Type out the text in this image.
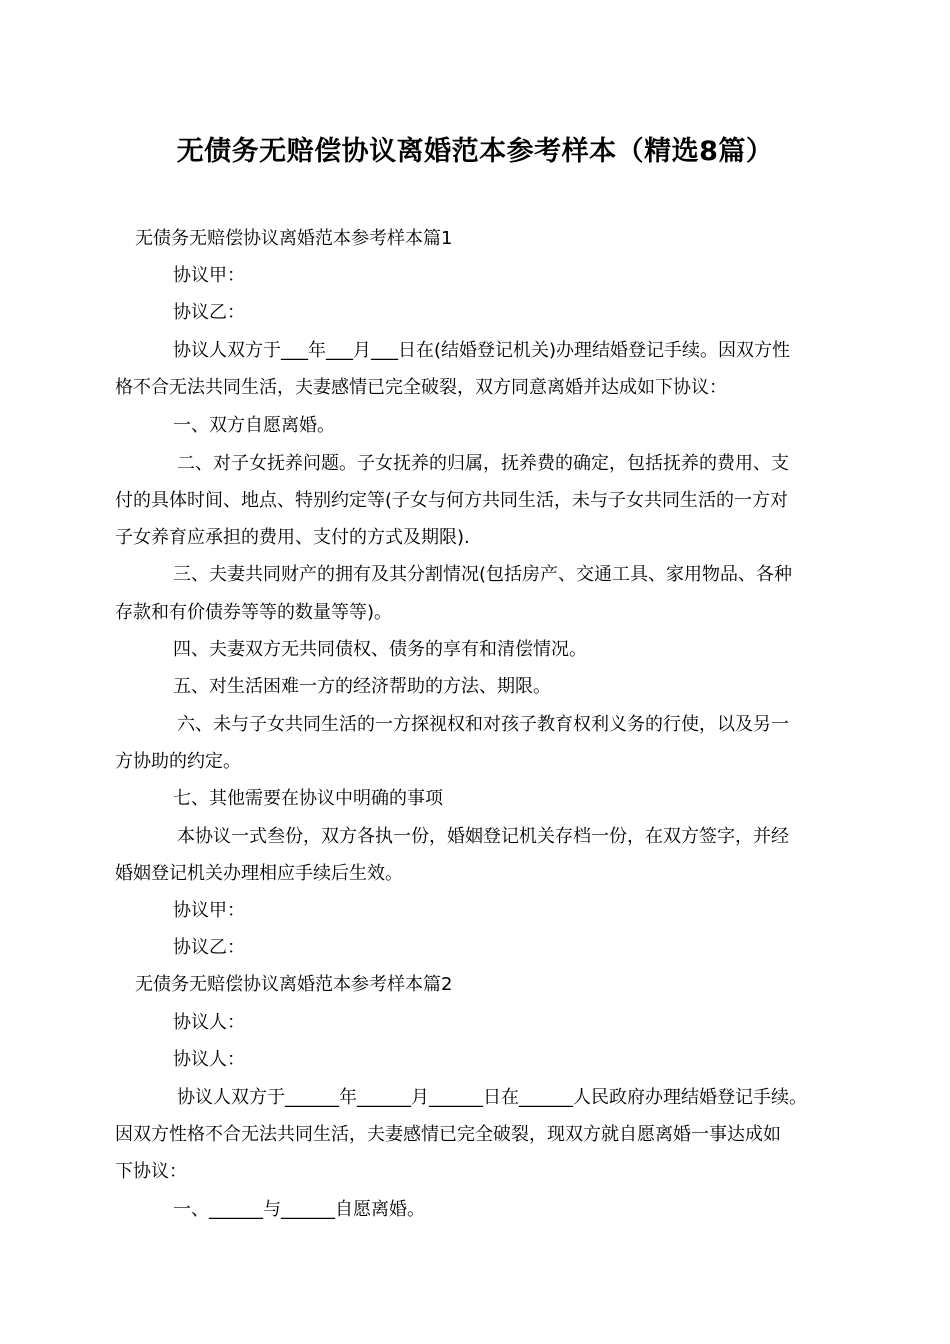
无债务无赔偿协议离婚范本参考样本（精选8篇）
无债务无赔偿协议离婚范本参考样本篇1
协议甲：
协议乙：
协议人双方于___年___月___日在(结婚登记机关)办理结婚登记手续。因双方性
格不合无法共同生活，夫妻感情已完全破裂，双方同意离婚并达成如下协议：
一、双方自愿离婚。
二、对子女抚养问题。子女抚养的归属，抚养费的确定，包括抚养的费用、支
付的具体时间、地点、特别约定等(子女与何方共同生活，未与子女共同生活的一方对
子女养育应承担的费用、支付的方式及期限).
三、夫妻共同财产的拥有及其分割情况(包括房产、交通工具、家用物品、各种
存款和有价债券等等的数量等等)。
四、夫妻双方无共同债权、债务的享有和清偿情况。
五、对生活困难一方的经济帮助的方法、期限。
六、未与子女共同生活的一方探视权和对孩子教育权利义务的行使，以及另一
方协助的约定。
七、其他需要在协议中明确的事项
本协议一式叁份，双方各执一份，婚姻登记机关存档一份，在双方签字，并经
婚姻登记机关办理相应手续后生效。
协议甲：
协议乙：
无债务无赔偿协议离婚范本参考样本篇2
协议人：
协议人：
协议人双方于______年______月______日在______人民政府办理结婚登记手续。
因双方性格不合无法共同生活，夫妻感情已完全破裂，现双方就自愿离婚一事达成如
下协议：
一、______与______自愿离婚。
